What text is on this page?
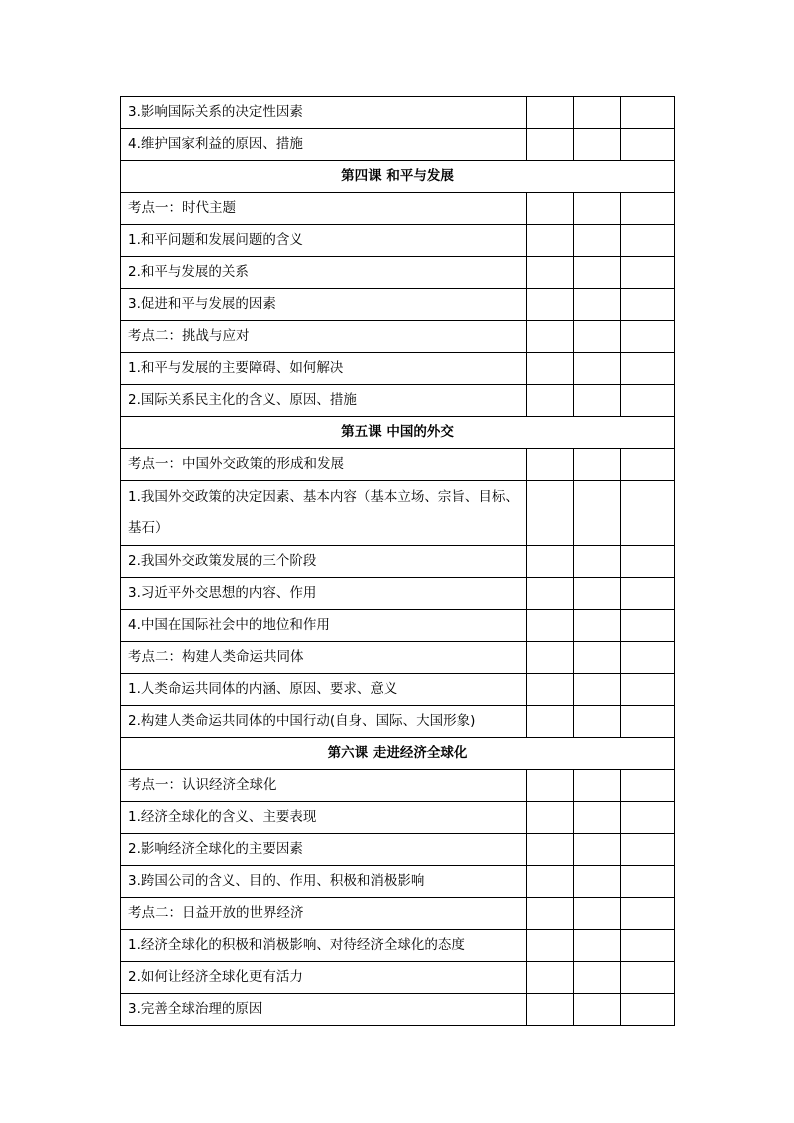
3.影响国际关系的决定性因素			
4.维护国家利益的原因、措施			
第四课 和平与发展			
考点一：时代主题			
1.和平问题和发展问题的含义			
2.和平与发展的关系			
3.促进和平与发展的因素			
考点二：挑战与应对			
1.和平与发展的主要障碍、如何解决			
2.国际关系民主化的含义、原因、措施			
第五课 中国的外交			
考点一：中国外交政策的形成和发展			
1.我国外交政策的决定因素、基本内容（基本立场、宗旨、目标、基石）			
2.我国外交政策发展的三个阶段			
3.习近平外交思想的内容、作用			
4.中国在国际社会中的地位和作用			
考点二：构建人类命运共同体			
1.人类命运共同体的内涵、原因、要求、意义			
2.构建人类命运共同体的中国行动(自身、国际、大国形象)			
第六课 走进经济全球化			
考点一：认识经济全球化			
1.经济全球化的含义、主要表现			
2.影响经济全球化的主要因素			
3.跨国公司的含义、目的、作用、积极和消极影响			
考点二：日益开放的世界经济			
1.经济全球化的积极和消极影响、对待经济全球化的态度			
2.如何让经济全球化更有活力			
3.完善全球治理的原因			
